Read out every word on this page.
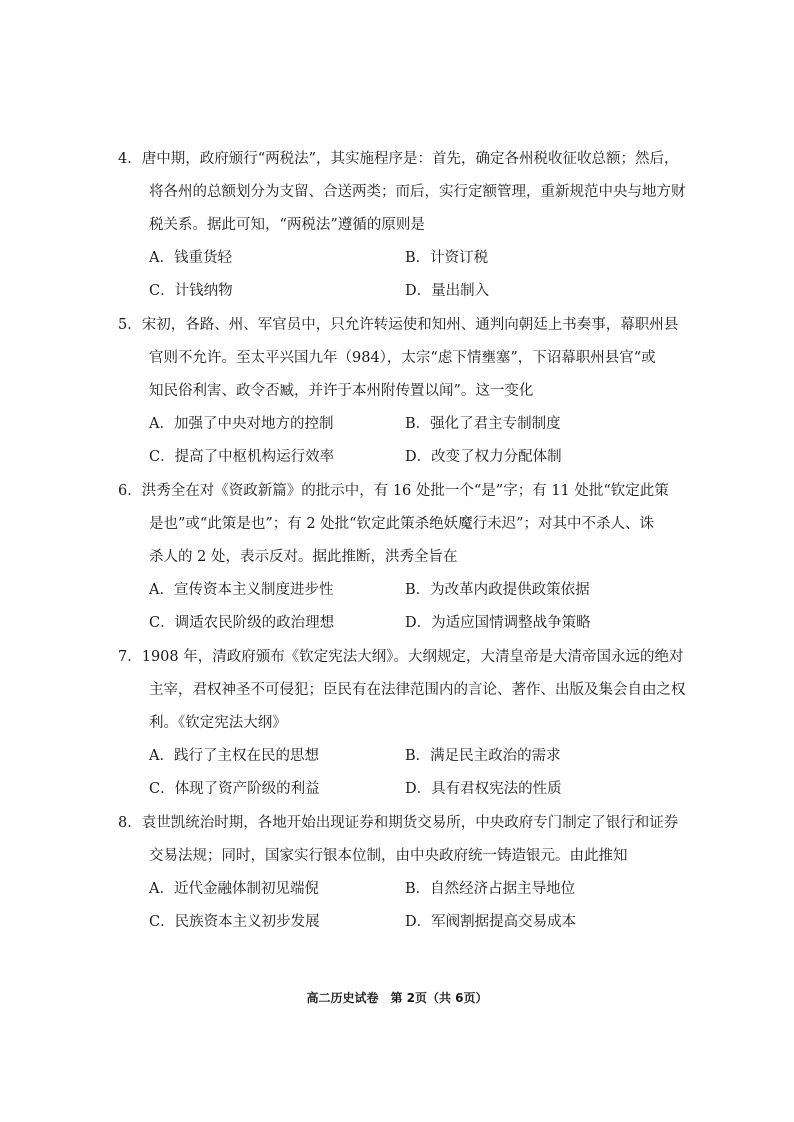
4．唐中期，政府颁行“两税法”，其实施程序是：首先，确定各州税收征收总额；然后，
将各州的总额划分为支留、合送两类；而后，实行定额管理，重新规范中央与地方财
税关系。据此可知，“两税法”遵循的原则是
A．钱重货轻	B．计资订税
C．计钱纳物	D．量出制入
5．宋初，各路、州、军官员中，只允许转运使和知州、通判向朝廷上书奏事，幕职州县
官则不允许。至太平兴国九年（984），太宗“虑下情壅塞”，下诏幕职州县官“或
知民俗利害、政令否臧，并许于本州附传置以闻”。这一变化
A．加强了中央对地方的控制	B．强化了君主专制制度
C．提高了中枢机构运行效率	D．改变了权力分配体制
6．洪秀全在对《资政新篇》的批示中，有 16 处批一个“是”字；有 11 处批“钦定此策
是也”或“此策是也”；有 2 处批“钦定此策杀绝妖魔行未迟”；对其中不杀人、诛
杀人的 2 处，表示反对。据此推断，洪秀全旨在
A．宣传资本主义制度进步性	B．为改革内政提供政策依据
C．调适农民阶级的政治理想	D．为适应国情调整战争策略
7．1908 年，清政府颁布《钦定宪法大纲》。大纲规定，大清皇帝是大清帝国永远的绝对
主宰，君权神圣不可侵犯；臣民有在法律范围内的言论、著作、出版及集会自由之权
利。《钦定宪法大纲》
A．践行了主权在民的思想	B．满足民主政治的需求
C．体现了资产阶级的利益	D．具有君权宪法的性质
8．袁世凯统治时期，各地开始出现证券和期货交易所，中央政府专门制定了银行和证券
交易法规；同时，国家实行银本位制，由中央政府统一铸造银元。由此推知
A．近代金融体制初见端倪	B．自然经济占据主导地位
C．民族资本主义初步发展	D．军阀割据提高交易成本
高二历史试卷　第 2页（共 6页）
